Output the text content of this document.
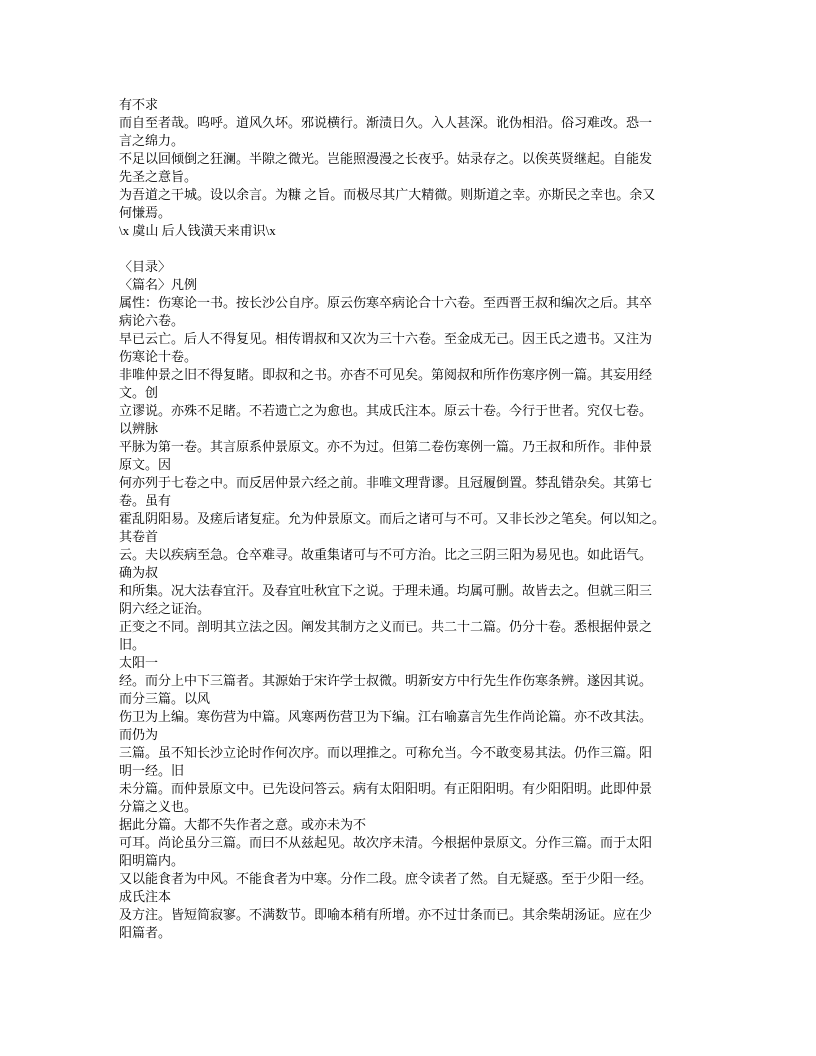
有不求
而自至者哉。呜呼。道风久坏。邪说横行。渐渍日久。入人甚深。讹伪相沿。俗习难改。恐一
言之绵力。
不足以回倾倒之狂澜。半隙之微光。岂能照漫漫之长夜乎。姑录存之。以俟英贤继起。自能发
先圣之意旨。
为吾道之干城。设以余言。为糠 之旨。而极尽其广大精微。则斯道之幸。亦斯民之幸也。余又
何慊焉。
\x 虞山 后人钱潢天来甫识\x
〈目录〉
〈篇名〉凡例
属性：伤寒论一书。按长沙公自序。原云伤寒卒病论合十六卷。至西晋王叔和编次之后。其卒
病论六卷。
早已云亡。后人不得复见。相传谓叔和又次为三十六卷。至金成无己。因王氏之遗书。又注为
伤寒论十卷。
非唯仲景之旧不得复睹。即叔和之书。亦杳不可见矣。第阅叔和所作伤寒序例一篇。其妄用经
文。创
立谬说。亦殊不足睹。不若遗亡之为愈也。其成氏注本。原云十卷。今行于世者。究仅七卷。
以辨脉
平脉为第一卷。其言原系仲景原文。亦不为过。但第二卷伤寒例一篇。乃王叔和所作。非仲景
原文。因
何亦列于七卷之中。而反居仲景六经之前。非唯文理背谬。且冠履倒置。棼乱错杂矣。其第七
卷。虽有
霍乱阴阳易。及瘥后诸复症。允为仲景原文。而后之诸可与不可。又非长沙之笔矣。何以知之。
其卷首
云。夫以疾病至急。仓卒难寻。故重集诸可与不可方治。比之三阴三阳为易见也。如此语气。
确为叔
和所集。况大法春宜汗。及春宜吐秋宜下之说。于理未通。均属可删。故皆去之。但就三阳三
阴六经之证治。
正变之不同。剖明其立法之因。阐发其制方之义而已。共二十二篇。仍分十卷。悉根据仲景之
旧。
太阳一
经。而分上中下三篇者。其源始于宋许学士叔微。明新安方中行先生作伤寒条辨。遂因其说。
而分三篇。以风
伤卫为上编。寒伤营为中篇。风寒两伤营卫为下编。江右喻嘉言先生作尚论篇。亦不改其法。
而仍为
三篇。虽不知长沙立论时作何次序。而以理推之。可称允当。今不敢变易其法。仍作三篇。阳
明一经。旧
未分篇。而仲景原文中。已先设问答云。病有太阳阳明。有正阳阳明。有少阳阳明。此即仲景
分篇之义也。
据此分篇。大都不失作者之意。或亦未为不
可耳。尚论虽分三篇。而曰不从兹起见。故次序未清。今根据仲景原文。分作三篇。而于太阳
阳明篇内。
又以能食者为中风。不能食者为中寒。分作二段。庶令读者了然。自无疑惑。至于少阳一经。
成氏注本
及方注。皆短简寂寥。不满数节。即喻本稍有所增。亦不过廿条而已。其余柴胡汤证。应在少
阳篇者。
